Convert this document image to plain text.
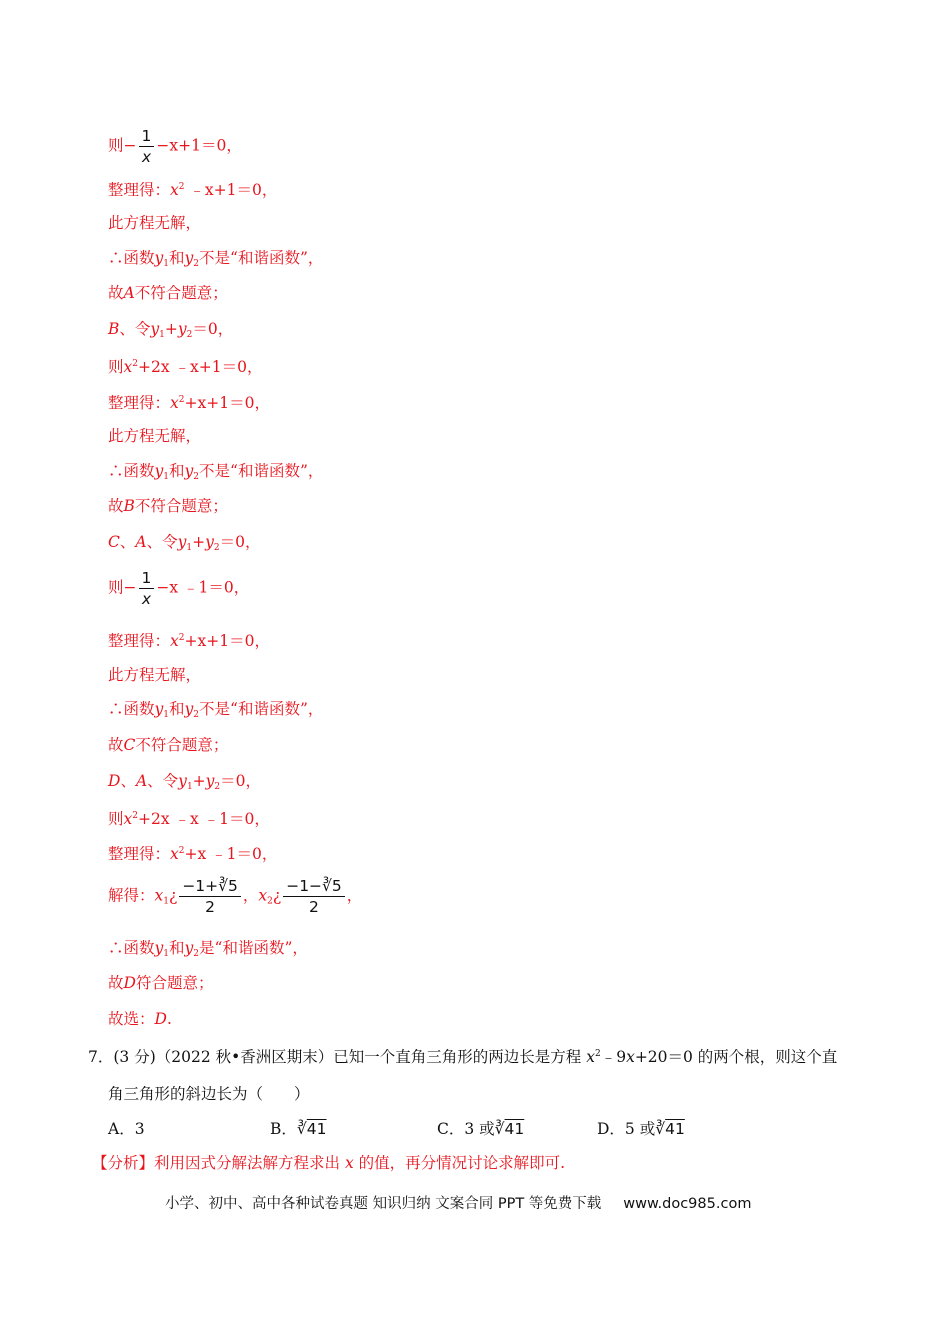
则− $\frac{1}{x} -x+1=0$，
整理得：$x^2$ ﹣x+1＝0，
此方程无解，
∴函数$y_1$和$y_2$不是“和谐函数”，
故A不符合题意；
B、令$y_1+y_2=0$，
则$x^2+2x$ ﹣x+1＝0，
整理得：$x^2+x+1=0$，
此方程无解，
∴函数$y_1$和$y_2$不是“和谐函数”，
故B不符合题意；
C、A、令$y_1+y_2=0$，
则− $\frac{1}{x} -x$ ﹣1＝0，
整理得：$x^2+x+1=0$，
此方程无解，
∴函数$y_1$和$y_2$不是“和谐函数”，
故C不符合题意；
D、A、令$y_1+y_2=0$，
则$x^2+2x$ ﹣x ﹣1＝0，
整理得：$x^2+x$ ﹣1＝0，
解得：$x_1¿ \frac{-1+∛5}{2}$ ，$x_2¿ \frac{-1-∛5}{2}$ ，
∴函数$y_1$和$y_2$是“和谐函数”，
故D符合题意；
故选：D.
7．(3 分)（2022 秋•香洲区期末）已知一个直角三角形的两边长是方程 $x^2﹣9x+20=0$ 的两个根，则这个直
角三角形的斜边长为（　　）
A．3	B．∛41	C．3 或∛41	D．5 或∛41
【分析】利用因式分解法解方程求出 x 的值，再分情况讨论求解即可.
小学、初中、高中各种试卷真题 知识归纳 文案合同 PPT 等免费下载 www.doc985.com
